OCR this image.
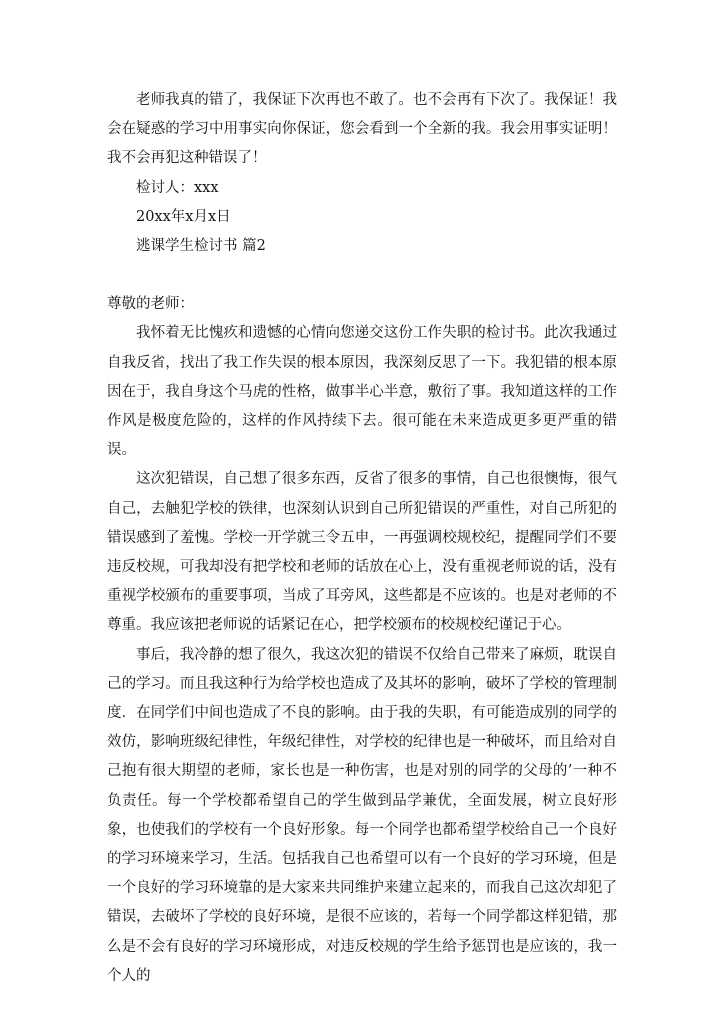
老师我真的错了，我保证下次再也不敢了。也不会再有下次了。我保证！我会在疑惑的学习中用事实向你保证，您会看到一个全新的我。我会用事实证明！我不会再犯这种错误了！

检讨人：xxx

20xx年x月x日

逃课学生检讨书 篇2

尊敬的老师：

我怀着无比愧疚和遗憾的心情向您递交这份工作失职的检讨书。此次我通过自我反省，找出了我工作失误的根本原因，我深刻反思了一下。我犯错的根本原因在于，我自身这个马虎的性格，做事半心半意，敷衍了事。我知道这样的工作作风是极度危险的，这样的作风持续下去。很可能在未来造成更多更严重的错误。

这次犯错误，自己想了很多东西，反省了很多的事情，自己也很懊悔，很气自己，去触犯学校的铁律，也深刻认识到自己所犯错误的严重性，对自己所犯的错误感到了羞愧。学校一开学就三令五申，一再强调校规校纪，提醒同学们不要违反校规，可我却没有把学校和老师的话放在心上，没有重视老师说的话，没有重视学校颁布的重要事项，当成了耳旁风，这些都是不应该的。也是对老师的不尊重。我应该把老师说的话紧记在心，把学校颁布的校规校纪谨记于心。

事后，我冷静的想了很久，我这次犯的错误不仅给自己带来了麻烦，耽误自己的学习。而且我这种行为给学校也造成了及其坏的影响，破坏了学校的管理制度．在同学们中间也造成了不良的影响。由于我的失职，有可能造成别的同学的效仿，影响班级纪律性，年级纪律性，对学校的纪律也是一种破坏，而且给对自己抱有很大期望的老师，家长也是一种伤害，也是对别的同学的父母的’一种不负责任。每一个学校都希望自己的学生做到品学兼优，全面发展，树立良好形象，也使我们的学校有一个良好形象。每一个同学也都希望学校给自己一个良好的学习环境来学习，生活。包括我自己也希望可以有一个良好的学习环境，但是一个良好的学习环境靠的是大家来共同维护来建立起来的，而我自己这次却犯了错误，去破坏了学校的良好环境，是很不应该的，若每一个同学都这样犯错，那么是不会有良好的学习环境形成，对违反校规的学生给予惩罚也是应该的，我一个人的
